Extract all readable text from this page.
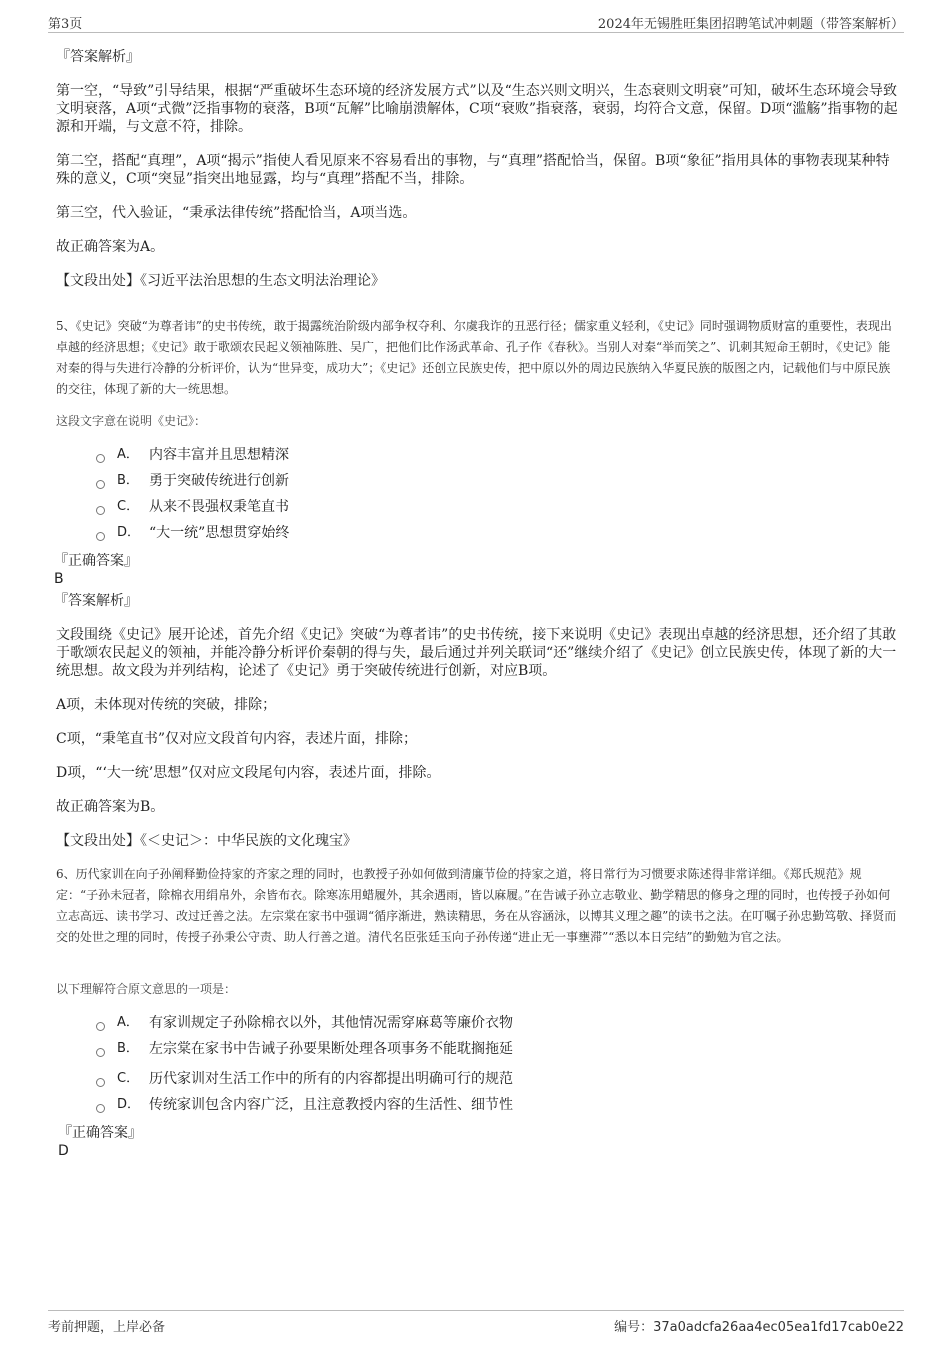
第3页	2024年无锡胜旺集团招聘笔试冲刺题（带答案解析）
『答案解析』
第一空，“导致”引导结果，根据“严重破坏生态环境的经济发展方式”以及“生态兴则文明兴，生态衰则文明衰”可知，破坏生态环境会导致文明衰落，A项“式微”泛指事物的衰落，B项“瓦解”比喻崩溃解体，C项“衰败”指衰落，衰弱，均符合文意，保留。D项“滥觞”指事物的起源和开端，与文意不符，排除。
第二空，搭配“真理”，A项“揭示”指使人看见原来不容易看出的事物，与“真理”搭配恰当，保留。B项“象征”指用具体的事物表现某种特殊的意义，C项“突显”指突出地显露，均与“真理”搭配不当，排除。
第三空，代入验证，“秉承法律传统”搭配恰当，A项当选。
故正确答案为A。
【文段出处】《习近平法治思想的生态文明法治理论》
5、《史记》突破“为尊者讳”的史书传统，敢于揭露统治阶级内部争权夺利、尔虞我诈的丑恶行径；儒家重义轻利，《史记》同时强调物质财富的重要性，表现出卓越的经济思想；《史记》敢于歌颂农民起义领袖陈胜、吴广，把他们比作汤武革命、孔子作《春秋》。当别人对秦“举而笑之”、讥刺其短命王朝时，《史记》能对秦的得与失进行冷静的分析评价，认为“世异变，成功大”；《史记》还创立民族史传，把中原以外的周边民族纳入华夏民族的版图之内，记载他们与中原民族的交往，体现了新的大一统思想。
这段文字意在说明《史记》：
A． 内容丰富并且思想精深
B． 勇于突破传统进行创新
C． 从来不畏强权秉笔直书
D． “大一统”思想贯穿始终
『正确答案』
B
『答案解析』
文段围绕《史记》展开论述，首先介绍《史记》突破“为尊者讳”的史书传统，接下来说明《史记》表现出卓越的经济思想，还介绍了其敢于歌颂农民起义的领袖，并能冷静分析评价秦朝的得与失，最后通过并列关联词“还”继续介绍了《史记》创立民族史传，体现了新的大一统思想。故文段为并列结构，论述了《史记》勇于突破传统进行创新，对应B项。
A项，未体现对传统的突破，排除；
C项，“秉笔直书”仅对应文段首句内容，表述片面，排除；
D项，“‘大一统’思想”仅对应文段尾句内容，表述片面，排除。
故正确答案为B。
【文段出处】《＜史记＞：中华民族的文化瑰宝》
6、历代家训在向子孙阐释勤俭持家的齐家之理的同时，也教授子孙如何做到清廉节俭的持家之道，将日常行为习惯要求陈述得非常详细。《郑氏规范》规定：“子孙未冠者，除棉衣用绢帛外，余皆布衣。除寒冻用蜡履外，其余遇雨，皆以麻履。”在告诫子孙立志敬业、勤学精思的修身之理的同时，也传授子孙如何立志高远、读书学习、改过迁善之法。左宗棠在家书中强调“循序渐进，熟读精思，务在从容涵泳，以博其义理之趣”的读书之法。在叮嘱子孙忠勤笃敬、择贤而交的处世之理的同时，传授子孙秉公守责、助人行善之道。清代名臣张廷玉向子孙传递“进止无一事壅滞”“悉以本日完结”的勤勉为官之法。
以下理解符合原文意思的一项是：
A． 有家训规定子孙除棉衣以外，其他情况需穿麻葛等廉价衣物
B． 左宗棠在家书中告诫子孙要果断处理各项事务不能耽搁拖延
C． 历代家训对生活工作中的所有的内容都提出明确可行的规范
D． 传统家训包含内容广泛，且注意教授内容的生活性、细节性
『正确答案』
D
考前押题，上岸必备	编号：37a0adcfa26aa4ec05ea1fd17cab0e22
